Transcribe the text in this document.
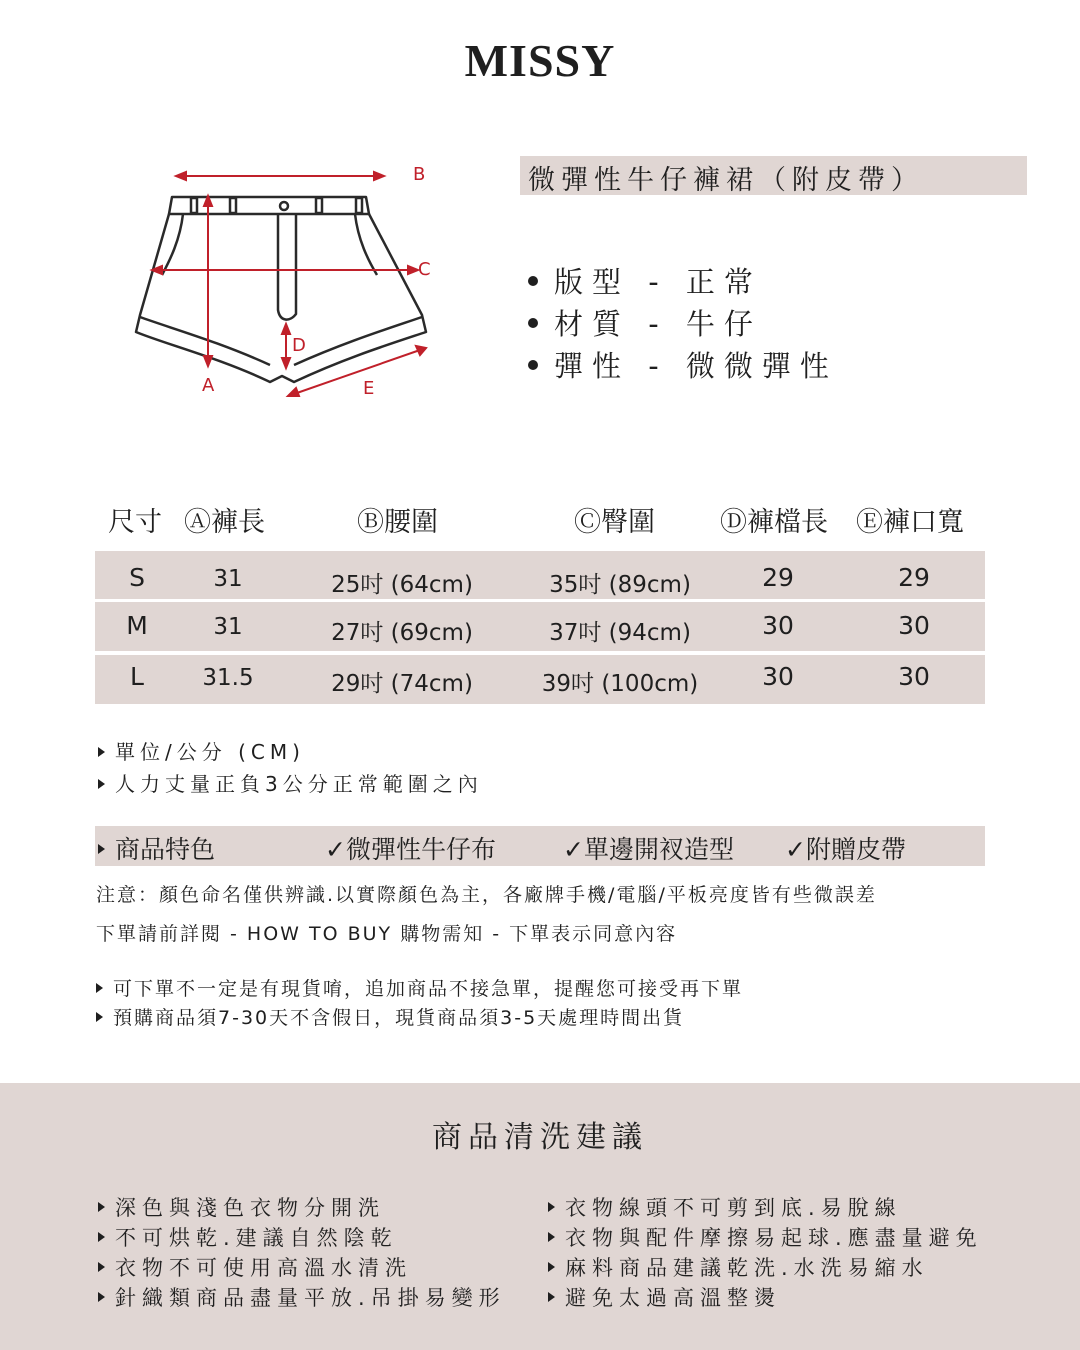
MISSY
B
C
A
D
E
微彈性牛仔褲裙（附皮帶）
版型 - 正常
材質 - 牛仔
彈性 - 微微彈性
尺寸 Ⓐ褲長	Ⓑ腰圍	Ⓒ臀圍 Ⓓ褲檔長 Ⓔ褲口寬
S	31	25吋 (64cm)	35吋 (89cm)	29	29
M	31	27吋 (69cm)	37吋 (94cm)	30	30
L	31.5	29吋 (74cm)	39吋 (100cm)	30	30
單位/公分 (CM)
人力丈量正負3公分正常範圍之內
商品特色	✓微彈性牛仔布	✓單邊開衩造型 ✓附贈皮帶
注意：顏色命名僅供辨識.以實際顏色為主，各廠牌手機/電腦/平板亮度皆有些微誤差
下單請前詳閱 - HOW TO BUY 購物需知 - 下單表示同意內容
可下單不一定是有現貨唷，追加商品不接急單，提醒您可接受再下單
預購商品須7-30天不含假日，現貨商品須3-5天處理時間出貨
商品清洗建議
深色與淺色衣物分開洗
不可烘乾.建議自然陰乾
衣物不可使用高溫水清洗
針織類商品盡量平放.吊掛易變形
衣物線頭不可剪到底.易脫線
衣物與配件摩擦易起球.應盡量避免
麻料商品建議乾洗.水洗易縮水
避免太過高溫整燙
